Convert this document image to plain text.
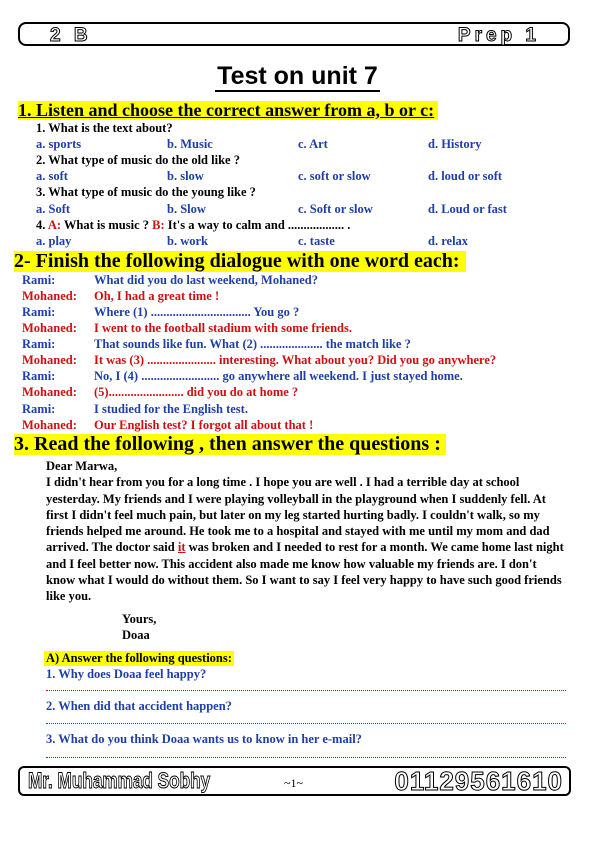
2 B	Prep 1
Test on unit 7
1. Listen and choose the correct answer from a, b or c:
1. What is the text about?
a. sports	b. Music	c. Art	d. History
2. What type of music do the old like ?
a. soft	b. slow	c. soft or slow	d. loud or soft
3. What type of music do the young like ?
a. Soft	b. Slow	c. Soft or slow	d. Loud or fast
4. A: What is music ? B: It's a way to calm and .................. .
a. play	b. work	c. taste	d. relax
2- Finish the following dialogue with one word each:
Rami:	What did you do last weekend, Mohaned?
Mohaned: Oh, I had a great time !
Rami:	Where (1) ................................ You go ?
Mohaned: I went to the football stadium with some friends.
Rami:	That sounds like fun. What (2) .................... the match like ?
Mohaned: It was (3) ...................... interesting. What about you? Did you go anywhere?
Rami:	No, I (4) ......................... go anywhere all weekend. I just stayed home.
Mohaned: (5)........................ did you do at home ?
Rami:	I studied for the English test.
Mohaned: Our English test? I forgot all about that !
3. Read the following , then answer the questions :
Dear Marwa,
I didn't hear from you for a long time . I hope you are well . I had a terrible day at school yesterday. My friends and I were playing volleyball in the playground when I suddenly fell. At first I didn't feel much pain, but later on my leg started hurting badly. I couldn't walk, so my friends helped me around. He took me to a hospital and stayed with me until my mom and dad arrived. The doctor said it was broken and I needed to rest for a month. We came home last night and I feel better now. This accident also made me know how valuable my friends are. I don't know what I would do without them. So I want to say I feel very happy to have such good friends like you.
Yours,
Doaa
A) Answer the following questions:
1. Why does Doaa feel happy?
2. When did that accident happen?
3. What do you think Doaa wants us to know in her e-mail?
Mr. Muhammad Sobhy	~1~	01129561610
